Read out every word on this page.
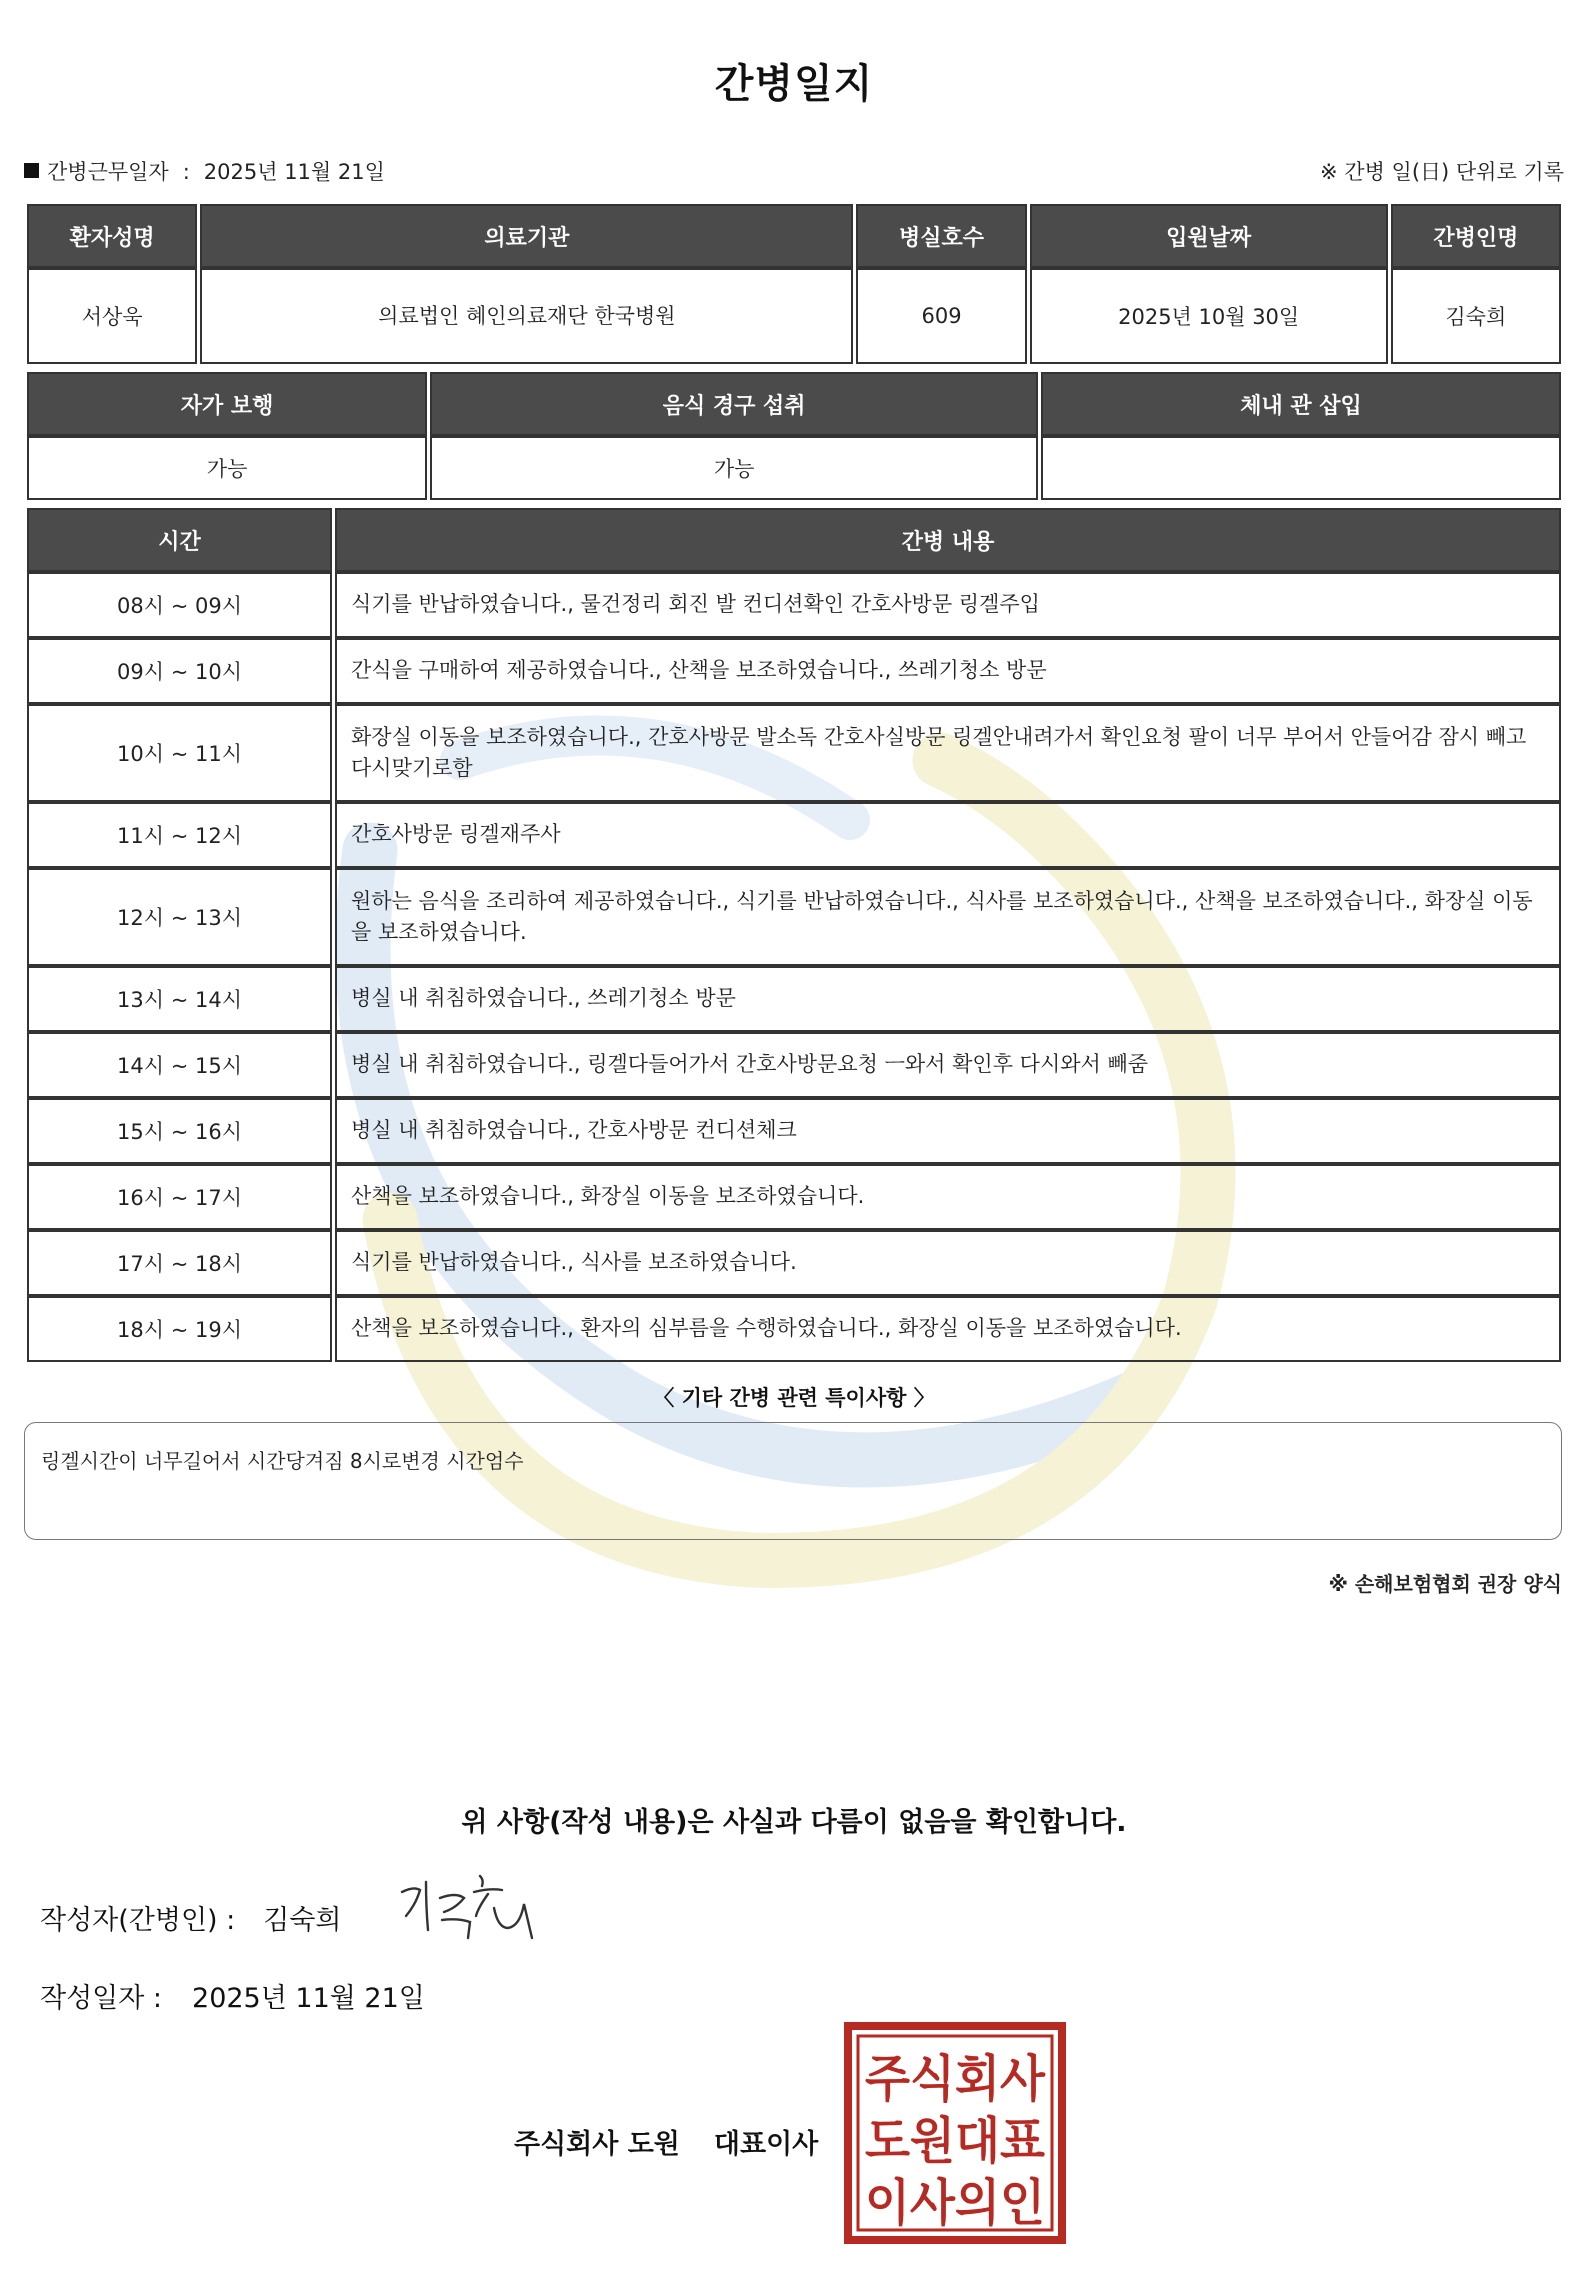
간병일지
간병근무일자 : 2025년 11월 21일	※ 간병 일(日) 단위로 기록
환자성명	의료기관	병실호수	입원날짜	간병인명
서상욱	의료법인 혜인의료재단 한국병원	609	2025년 10월 30일	김숙희
자가 보행	음식 경구 섭취	체내 관 삽입
가능	가능	
시간	간병 내용
08시 ~ 09시	식기를 반납하였습니다., 물건정리 회진 발 컨디션확인 간호사방문 링겔주입
09시 ~ 10시	간식을 구매하여 제공하였습니다., 산책을 보조하였습니다., 쓰레기청소 방문
10시 ~ 11시	화장실 이동을 보조하였습니다., 간호사방문 발소독 간호사실방문 링겔안내려가서 확인요청 팔이 너무 부어서 안들어감 잠시 빼고 다시맞기로함
11시 ~ 12시	간호사방문 링겔재주사
12시 ~ 13시	원하는 음식을 조리하여 제공하였습니다., 식기를 반납하였습니다., 식사를 보조하였습니다., 산책을 보조하였습니다., 화장실 이동을 보조하였습니다.
13시 ~ 14시	병실 내 취침하였습니다., 쓰레기청소 방문
14시 ~ 15시	병실 내 취침하였습니다., 링겔다들어가서 간호사방문요청 ㅡ와서 확인후 다시와서 빼줌
15시 ~ 16시	병실 내 취침하였습니다., 간호사방문 컨디션체크
16시 ~ 17시	산책을 보조하였습니다., 화장실 이동을 보조하였습니다.
17시 ~ 18시	식기를 반납하였습니다., 식사를 보조하였습니다.
18시 ~ 19시	산책을 보조하였습니다., 환자의 심부름을 수행하였습니다., 화장실 이동을 보조하였습니다.
〈 기타 간병 관련 특이사항 〉
링겔시간이 너무길어서 시간당겨짐 8시로변경 시간엄수
※ 손해보험협회 권장 양식
위 사항(작성 내용)은 사실과 다름이 없음을 확인합니다.
작성자(간병인) : 김숙희
작성일자 : 2025년 11월 21일
주식회사 도원 대표이사
주식회사
도원대표
이사의인
